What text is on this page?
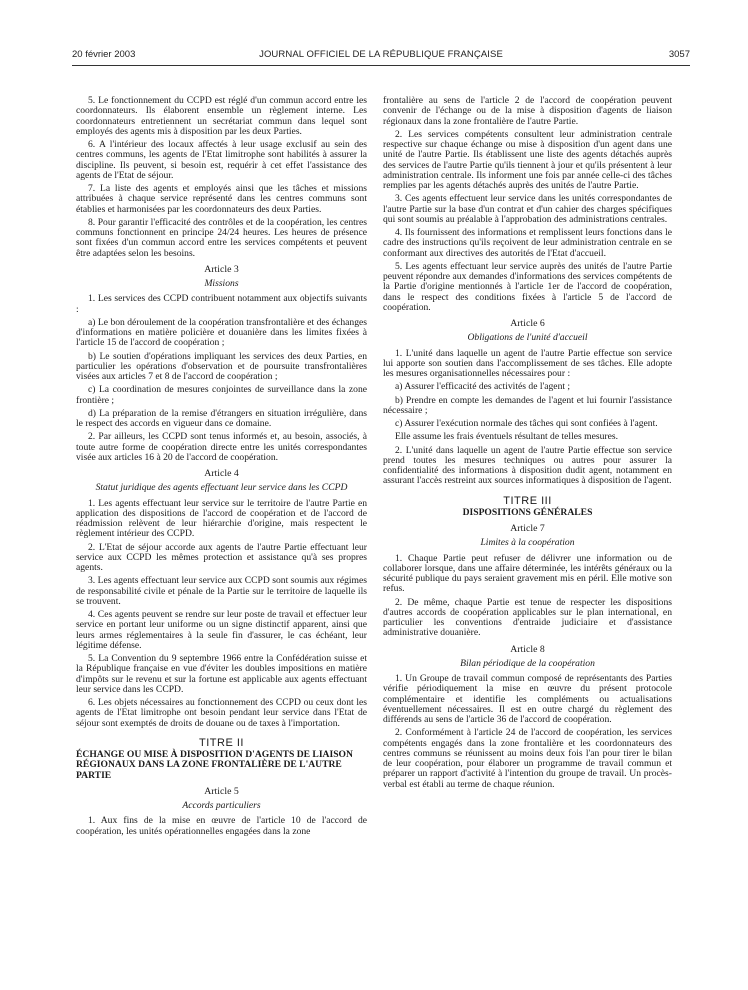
20 février 2003	JOURNAL OFFICIEL DE LA RÉPUBLIQUE FRANÇAISE	3057

5. Le fonctionnement du CCPD est réglé d'un commun accord entre les coordonnateurs. Ils élaborent ensemble un règlement interne. Les coordonnateurs entretiennent un secrétariat commun dans lequel sont employés des agents mis à disposition par les deux Parties.

6. A l'intérieur des locaux affectés à leur usage exclusif au sein des centres communs, les agents de l'Etat limitrophe sont habilités à assurer la discipline. Ils peuvent, si besoin est, requérir à cet effet l'assistance des agents de l'Etat de séjour.

7. La liste des agents et employés ainsi que les tâches et missions attribuées à chaque service représenté dans les centres communs sont établies et harmonisées par les coordonnateurs des deux Parties.

8. Pour garantir l'efficacité des contrôles et de la coopération, les centres communs fonctionnent en principe 24/24 heures. Les heures de présence sont fixées d'un commun accord entre les services compétents et peuvent être adaptées selon les besoins.

Article 3
Missions

1. Les services des CCPD contribuent notamment aux objectifs suivants :

a) Le bon déroulement de la coopération transfrontalière et des échanges d'informations en matière policière et douanière dans les limites fixées à l'article 15 de l'accord de coopération ;

b) Le soutien d'opérations impliquant les services des deux Parties, en particulier les opérations d'observation et de poursuite transfrontalières visées aux articles 7 et 8 de l'accord de coopération ;

c) La coordination de mesures conjointes de surveillance dans la zone frontière ;

d) La préparation de la remise d'étrangers en situation irrégulière, dans le respect des accords en vigueur dans ce domaine.

2. Par ailleurs, les CCPD sont tenus informés et, au besoin, associés, à toute autre forme de coopération directe entre les unités correspondantes visée aux articles 16 à 20 de l'accord de coopération.

Article 4
Statut juridique des agents effectuant leur service dans les CCPD

1. Les agents effectuant leur service sur le territoire de l'autre Partie en application des dispositions de l'accord de coopération et de l'accord de réadmission relèvent de leur hiérarchie d'origine, mais respectent le règlement intérieur des CCPD.

2. L'Etat de séjour accorde aux agents de l'autre Partie effectuant leur service aux CCPD les mêmes protection et assistance qu'à ses propres agents.

3. Les agents effectuant leur service aux CCPD sont soumis aux régimes de responsabilité civile et pénale de la Partie sur le territoire de laquelle ils se trouvent.

4. Ces agents peuvent se rendre sur leur poste de travail et effectuer leur service en portant leur uniforme ou un signe distinctif apparent, ainsi que leurs armes réglementaires à la seule fin d'assurer, le cas échéant, leur légitime défense.

5. La Convention du 9 septembre 1966 entre la Confédération suisse et la République française en vue d'éviter les doubles impositions en matière d'impôts sur le revenu et sur la fortune est applicable aux agents effectuant leur service dans les CCPD.

6. Les objets nécessaires au fonctionnement des CCPD ou ceux dont les agents de l'Etat limitrophe ont besoin pendant leur service dans l'Etat de séjour sont exemptés de droits de douane ou de taxes à l'importation.

TITRE II
ÉCHANGE OU MISE À DISPOSITION D'AGENTS DE LIAISON RÉGIONAUX DANS LA ZONE FRONTALIÈRE DE L'AUTRE PARTIE
Article 5
Accords particuliers

1. Aux fins de la mise en œuvre de l'article 10 de l'accord de coopération, les unités opérationnelles engagées dans la zone

frontalière au sens de l'article 2 de l'accord de coopération peuvent convenir de l'échange ou de la mise à disposition d'agents de liaison régionaux dans la zone frontalière de l'autre Partie.

2. Les services compétents consultent leur administration centrale respective sur chaque échange ou mise à disposition d'un agent dans une unité de l'autre Partie. Ils établissent une liste des agents détachés auprès des services de l'autre Partie qu'ils tiennent à jour et qu'ils présentent à leur administration centrale. Ils informent une fois par année celle-ci des tâches remplies par les agents détachés auprès des unités de l'autre Partie.

3. Ces agents effectuent leur service dans les unités correspondantes de l'autre Partie sur la base d'un contrat et d'un cahier des charges spécifiques qui sont soumis au préalable à l'approbation des administrations centrales.

4. Ils fournissent des informations et remplissent leurs fonctions dans le cadre des instructions qu'ils reçoivent de leur administration centrale en se conformant aux directives des autorités de l'Etat d'accueil.

5. Les agents effectuant leur service auprès des unités de l'autre Partie peuvent répondre aux demandes d'informations des services compétents de la Partie d'origine mentionnés à l'article 1er de l'accord de coopération, dans le respect des conditions fixées à l'article 5 de l'accord de coopération.

Article 6
Obligations de l'unité d'accueil

1. L'unité dans laquelle un agent de l'autre Partie effectue son service lui apporte son soutien dans l'accomplissement de ses tâches. Elle adopte les mesures organisationnelles nécessaires pour :

a) Assurer l'efficacité des activités de l'agent ;

b) Prendre en compte les demandes de l'agent et lui fournir l'assistance nécessaire ;

c) Assurer l'exécution normale des tâches qui sont confiées à l'agent.

Elle assume les frais éventuels résultant de telles mesures.

2. L'unité dans laquelle un agent de l'autre Partie effectue son service prend toutes les mesures techniques ou autres pour assurer la confidentialité des informations à disposition dudit agent, notamment en assurant l'accès restreint aux sources informatiques à disposition de l'agent.

TITRE III
DISPOSITIONS GÉNÉRALES
Article 7
Limites à la coopération

1. Chaque Partie peut refuser de délivrer une information ou de collaborer lorsque, dans une affaire déterminée, les intérêts généraux ou la sécurité publique du pays seraient gravement mis en péril. Elle motive son refus.

2. De même, chaque Partie est tenue de respecter les dispositions d'autres accords de coopération applicables sur le plan international, en particulier les conventions d'entraide judiciaire et d'assistance administrative douanière.

Article 8
Bilan périodique de la coopération

1. Un Groupe de travail commun composé de représentants des Parties vérifie périodiquement la mise en œuvre du présent protocole complémentaire et identifie les compléments ou actualisations éventuellement nécessaires. Il est en outre chargé du règlement des différends au sens de l'article 36 de l'accord de coopération.

2. Conformément à l'article 24 de l'accord de coopération, les services compétents engagés dans la zone frontalière et les coordonnateurs des centres communs se réunissent au moins deux fois l'an pour tirer le bilan de leur coopération, pour élaborer un programme de travail commun et préparer un rapport d'activité à l'intention du groupe de travail. Un procès-verbal est établi au terme de chaque réunion.
